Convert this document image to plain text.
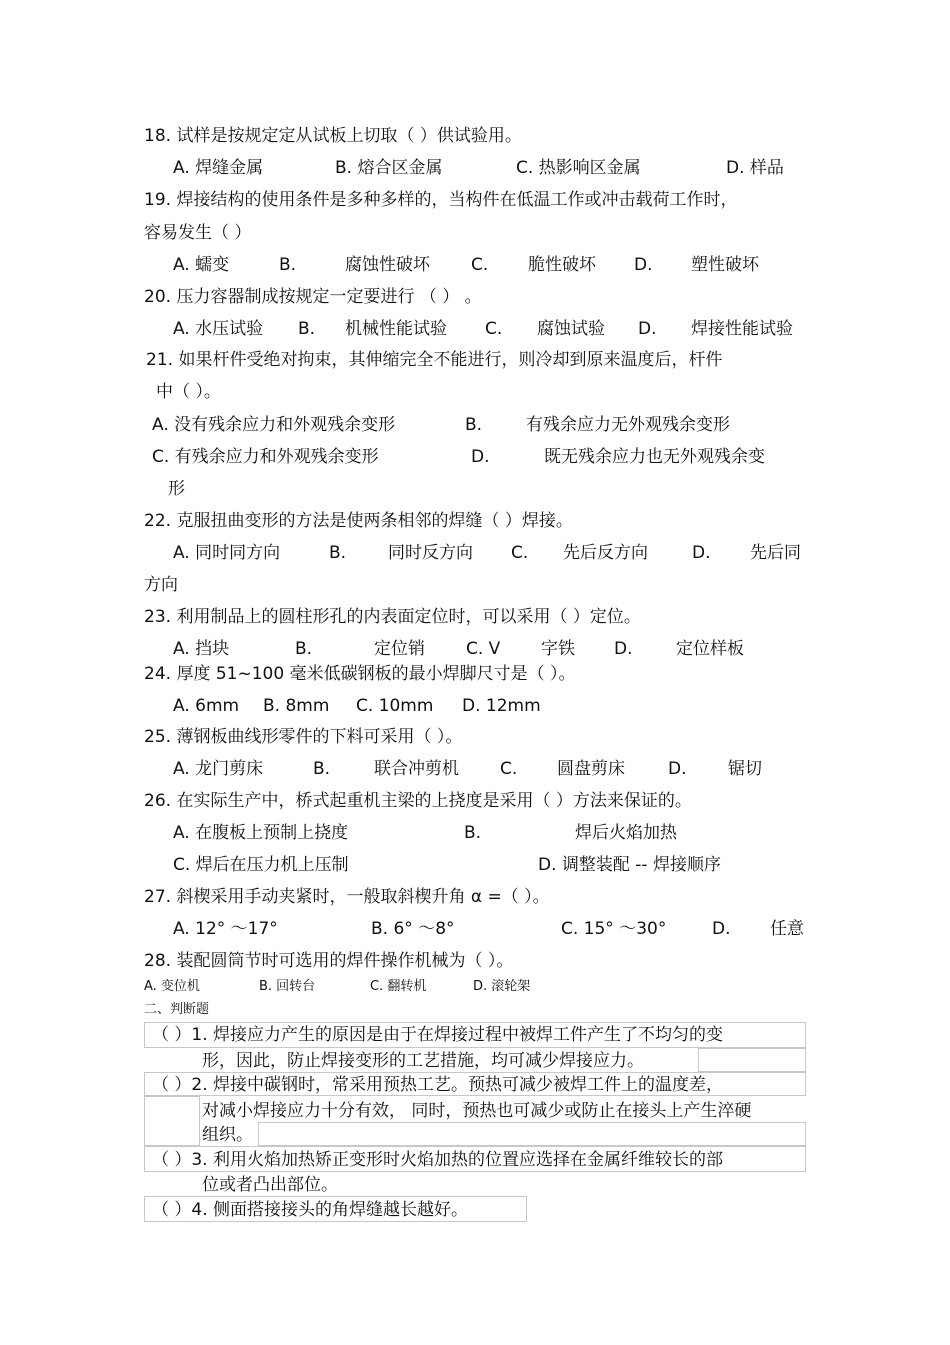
18. 试样是按规定定从试板上切取（ ）供试验用。
A. 焊缝金属	B. 熔合区金属	C. 热影响区金属	D. 样品
19. 焊接结构的使用条件是多种多样的，当构件在低温工作或冲击载荷工作时，
容易发生（ ）
A. 蠕变	B.	腐蚀性破坏 C. 脆性破坏 D. 塑性破坏
20. 压力容器制成按规定一定要进行 （ ） 。
A. 水压试验 B. 机械性能试验 C. 腐蚀试验 D. 焊接性能试验
21. 如果杆件受绝对拘束，其伸缩完全不能进行，则冷却到原来温度后，杆件
中（ ）。
A. 没有残余应力和外观残余变形	B.	有残余应力无外观残余变形
C. 有残余应力和外观残余变形	D.	既无残余应力也无外观残余变
形
22. 克服扭曲变形的方法是使两条相邻的焊缝（ ）焊接。
A. 同时同方向	B. 同时反方向 C. 先后反方向	D. 先后同
方向
23. 利用制品上的圆柱形孔的内表面定位时，可以采用（ ）定位。
A. 挡块	B.	定位销 C. V 字铁 D.	定位样板
24. 厚度 51~100 毫米低碳钢板的最小焊脚尺寸是（ ）。
A. 6mm B. 8mm C. 10mm D. 12mm
25. 薄钢板曲线形零件的下料可采用（ ）。
A. 龙门剪床	B.	联合冲剪机 C. 圆盘剪床	D. 锯切
26. 在实际生产中，桥式起重机主梁的上挠度是采用（ ）方法来保证的。
A. 在腹板上预制上挠度	B.	焊后火焰加热
C. 焊后在压力机上压制	D. 调整装配 -- 焊接顺序
27. 斜楔采用手动夹紧时，一般取斜楔升角 α =（ ）。
A. 12° ～17°	B. 6° ～8°	C. 15° ～30°	D. 任意
28. 装配圆筒节时可选用的焊件操作机械为（ ）。
A. 变位机	B. 回转台	C. 翻转机	D. 滚轮架
二、判断题
（ ）1. 焊接应力产生的原因是由于在焊接过程中被焊工件产生了不均匀的变
形，因此，防止焊接变形的工艺措施，均可减少焊接应力。
（ ）2. 焊接中碳钢时，常采用预热工艺。预热可减少被焊工件上的温度差，
对减小焊接应力十分有效， 同时，预热也可减少或防止在接头上产生淬硬
组织。
（ ）3. 利用火焰加热矫正变形时火焰加热的位置应选择在金属纤维较长的部
位或者凸出部位。
（ ）4. 侧面搭接接头的角焊缝越长越好。
